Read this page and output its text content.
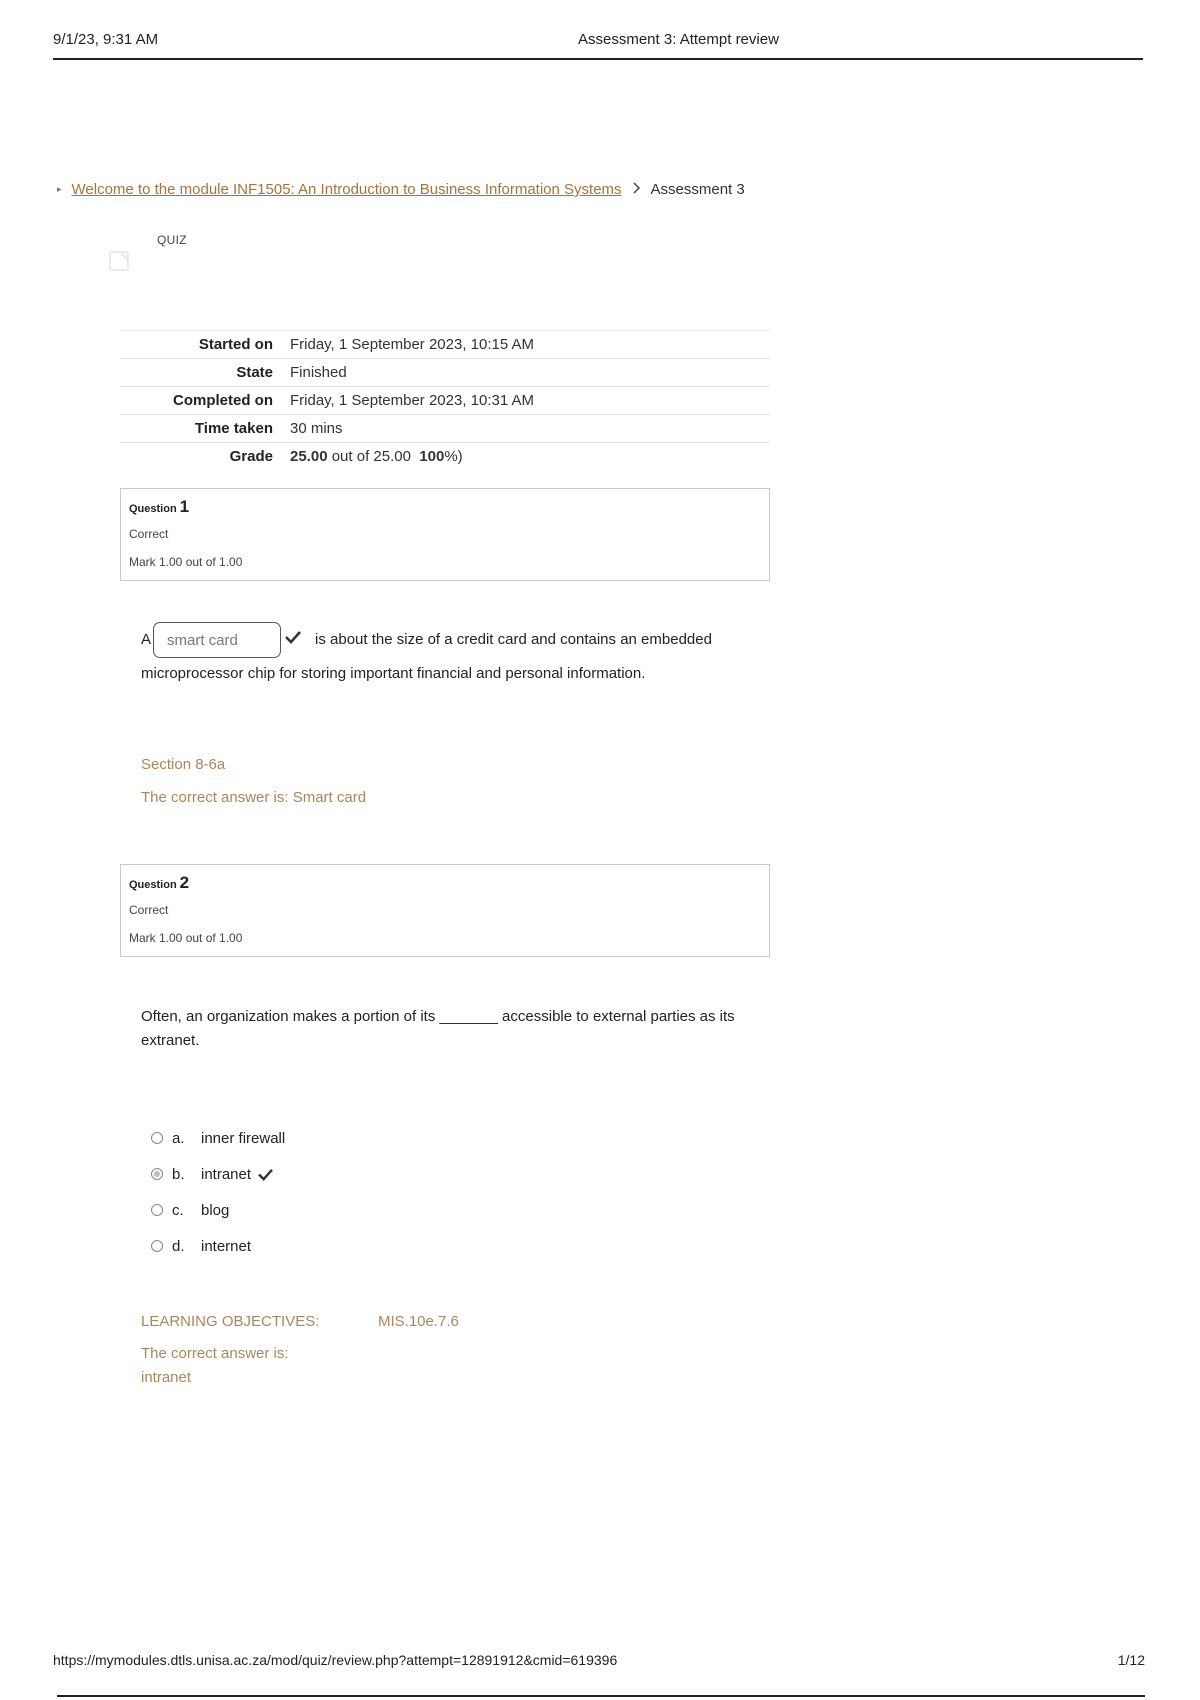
9/1/23, 9:31 AM	Assessment 3: Attempt review
▸ Welcome to the module INF1505: An Introduction to Business Information Systems Assessment 3
QUIZ
Started on	Friday, 1 September 2023, 10:15 AM
State	Finished
Completed on	Friday, 1 September 2023, 10:31 AM
Time taken	30 mins
Grade	25.00 out of 25.00  100%)
Question 1
Correct
Mark 1.00 out of 1.00
A smart card	is about the size of a credit card and contains an embedded microprocessor chip for storing important financial and personal information.
Section 8-6a
The correct answer is: Smart card
Question 2
Correct
Mark 1.00 out of 1.00
Often, an organization makes a portion of its _______ accessible to external parties as its extranet.
a.	inner firewall
b.	intranet
c.	blog
d.	internet
LEARNING OBJECTIVES:	MIS.10e.7.6
The correct answer is:
intranet
https://mymodules.dtls.unisa.ac.za/mod/quiz/review.php?attempt=12891912&cmid=619396	1/12
